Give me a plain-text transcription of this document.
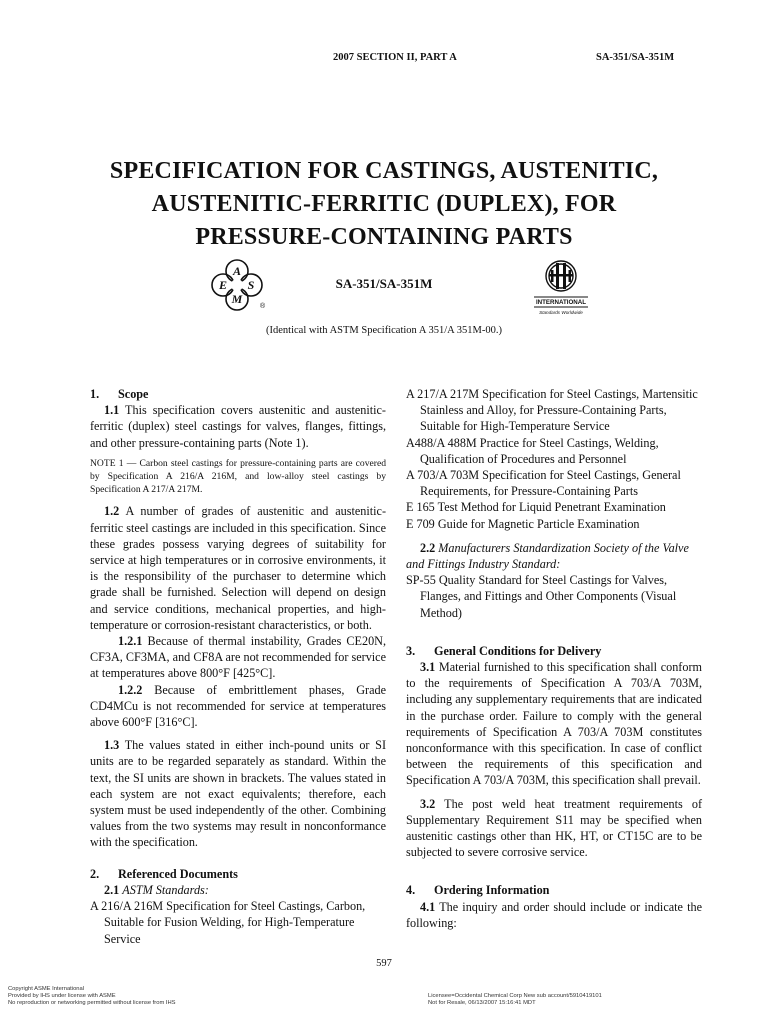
2007 SECTION II, PART A	SA-351/SA-351M
SPECIFICATION FOR CASTINGS, AUSTENITIC,
AUSTENITIC-FERRITIC (DUPLEX), FOR
PRESSURE-CONTAINING PARTS
A
E S
M
®
SA-351/SA-351M
INTERNATIONAL
Standards Worldwide
(Identical with ASTM Specification A 351/A 351M-00.)

1. Scope

1.1 This specification covers austenitic and austenitic-ferritic (duplex) steel castings for valves, flanges, fittings, and other pressure-containing parts (Note 1).

NOTE 1 — Carbon steel castings for pressure-containing parts are covered by Specification A 216/A 216M, and low-alloy steel castings by Specification A 217/A 217M.

1.2 A number of grades of austenitic and austenitic-ferritic steel castings are included in this specification. Since these grades possess varying degrees of suitability for service at high temperatures or in corrosive environments, it is the responsibility of the purchaser to determine which grade shall be furnished. Selection will depend on design and service conditions, mechanical properties, and high-temperature or corrosion-resistant characteristics, or both.

1.2.1 Because of thermal instability, Grades CE20N, CF3A, CF3MA, and CF8A are not recommended for service at temperatures above 800°F [425°C].

1.2.2 Because of embrittlement phases, Grade CD4MCu is not recommended for service at temperatures above 600°F [316°C].

1.3 The values stated in either inch-pound units or SI units are to be regarded separately as standard. Within the text, the SI units are shown in brackets. The values stated in each system are not exact equivalents; therefore, each system must be used independently of the other. Combining values from the two systems may result in nonconformance with the specification.

2. Referenced Documents

2.1 ASTM Standards:

A 216/A 216M Specification for Steel Castings, Carbon, Suitable for Fusion Welding, for High-Temperature Service

A 217/A 217M Specification for Steel Castings, Martensitic Stainless and Alloy, for Pressure-Containing Parts, Suitable for High-Temperature Service

A488/A 488M Practice for Steel Castings, Welding, Qualification of Procedures and Personnel

A 703/A 703M Specification for Steel Castings, General Requirements, for Pressure-Containing Parts

E 165 Test Method for Liquid Penetrant Examination

E 709 Guide for Magnetic Particle Examination

2.2 Manufacturers Standardization Society of the Valve and Fittings Industry Standard:

SP-55 Quality Standard for Steel Castings for Valves, Flanges, and Fittings and Other Components (Visual Method)

3. General Conditions for Delivery

3.1 Material furnished to this specification shall conform to the requirements of Specification A 703/A 703M, including any supplementary requirements that are indicated in the purchase order. Failure to comply with the general requirements of Specification A 703/A 703M constitutes nonconformance with this specification. In case of conflict between the requirements of this specification and Specification A 703/A 703M, this specification shall prevail.

3.2 The post weld heat treatment requirements of Supplementary Requirement S11 may be specified when austenitic castings other than HK, HT, or CT15C are to be subjected to severe corrosive service.

4. Ordering Information

4.1 The inquiry and order should include or indicate the following:

597
Copyright ASME International
Provided by IHS under license with ASME
No reproduction or networking permitted without license from IHS
Licensee=Occidental Chemical Corp New sub account/5910419101
Not for Resale, 06/13/2007 15:16:41 MDT
